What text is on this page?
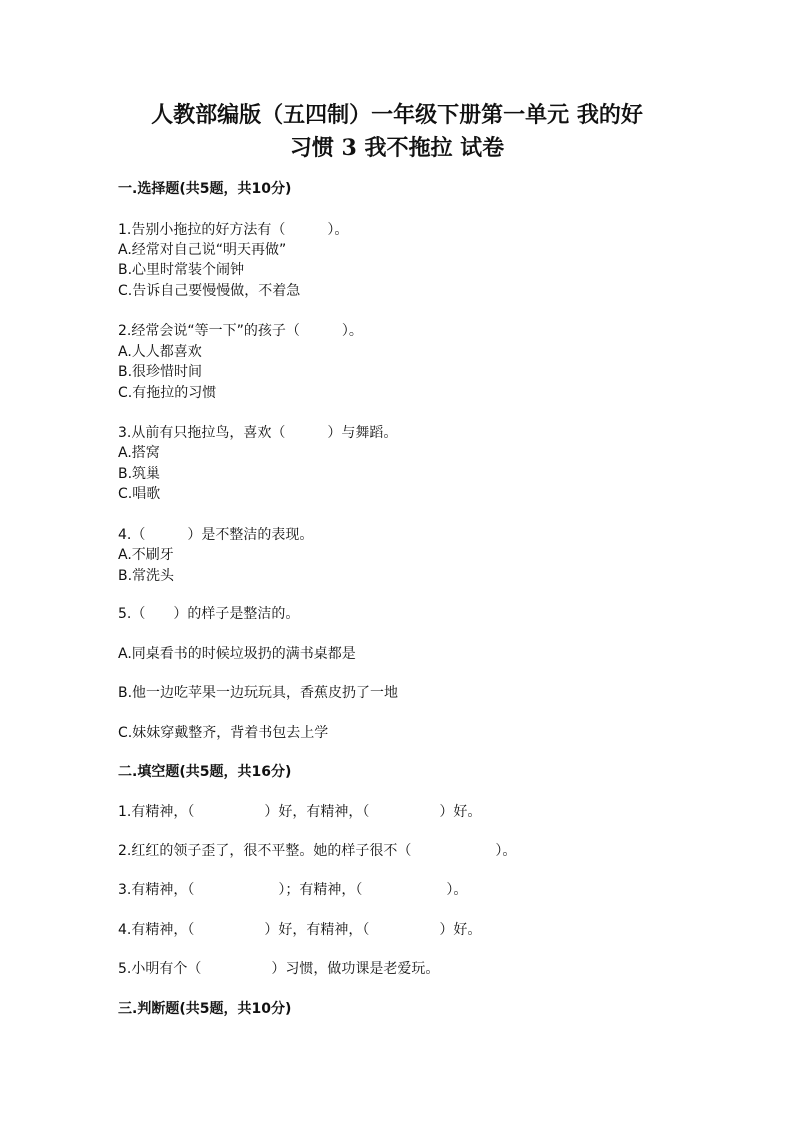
人教部编版（五四制）一年级下册第一单元 我的好
习惯 3 我不拖拉 试卷
一.选择题(共5题，共10分)
1.告别小拖拉的好方法有（　　　）。
A.经常对自己说“明天再做”
B.心里时常装个闹钟
C.告诉自己要慢慢做，不着急
2.经常会说“等一下”的孩子（　　　）。
A.人人都喜欢
B.很珍惜时间
C.有拖拉的习惯
3.从前有只拖拉鸟，喜欢（　　　）与舞蹈。
A.搭窝
B.筑巢
C.唱歌
4.（　　　）是不整洁的表现。
A.不刷牙
B.常洗头
5.（　　）的样子是整洁的。
A.同桌看书的时候垃圾扔的满书桌都是
B.他一边吃苹果一边玩玩具，香蕉皮扔了一地
C.妹妹穿戴整齐，背着书包去上学
二.填空题(共5题，共16分)
1.有精神，（　　　　　）好，有精神，（　　　　　）好。
2.红红的领子歪了，很不平整。她的样子很不（　　　　　　）。
3.有精神，（　　　　　　）；有精神，（　　　　　　）。
4.有精神，（　　　　　）好，有精神，（　　　　　）好。
5.小明有个（　　　　　）习惯，做功课是老爱玩。
三.判断题(共5题，共10分)
